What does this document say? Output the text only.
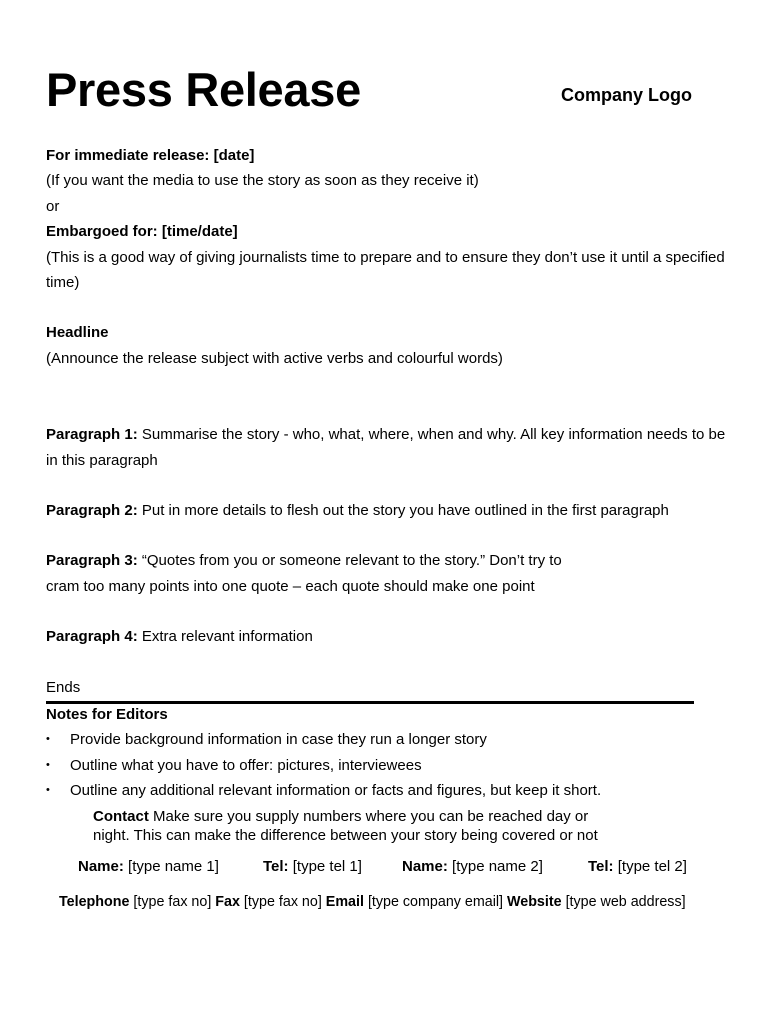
Press Release	Company Logo

For immediate release: [date]

(If you want the media to use the story as soon as they receive it)

or

Embargoed for: [time/date]

(This is a good way of giving journalists time to prepare and to ensure they don’t use it until a specified time)

Headline

(Announce the release subject with active verbs and colourful words)

Paragraph 1: Summarise the story - who, what, where, when and why. All key information needs to be in this paragraph

Paragraph 2: Put in more details to flesh out the story you have outlined in the first paragraph

Paragraph 3: “Quotes from you or someone relevant to the story.” Don’t try to
cram too many points into one quote – each quote should make one point

Paragraph 4: Extra relevant information

Ends

Notes for Editors
• Provide background information in case they run a longer story
• Outline what you have to offer: pictures, interviewees
• Outline any additional relevant information or facts and figures, but keep it short.
Contact Make sure you supply numbers where you can be reached day or
night. This can make the difference between your story being covered or not
Name: [type name 1]	Tel: [type tel 1]	Name: [type name 2]	Tel: [type tel 2]
Telephone [type fax no] Fax [type fax no] Email [type company email] Website [type web address]
